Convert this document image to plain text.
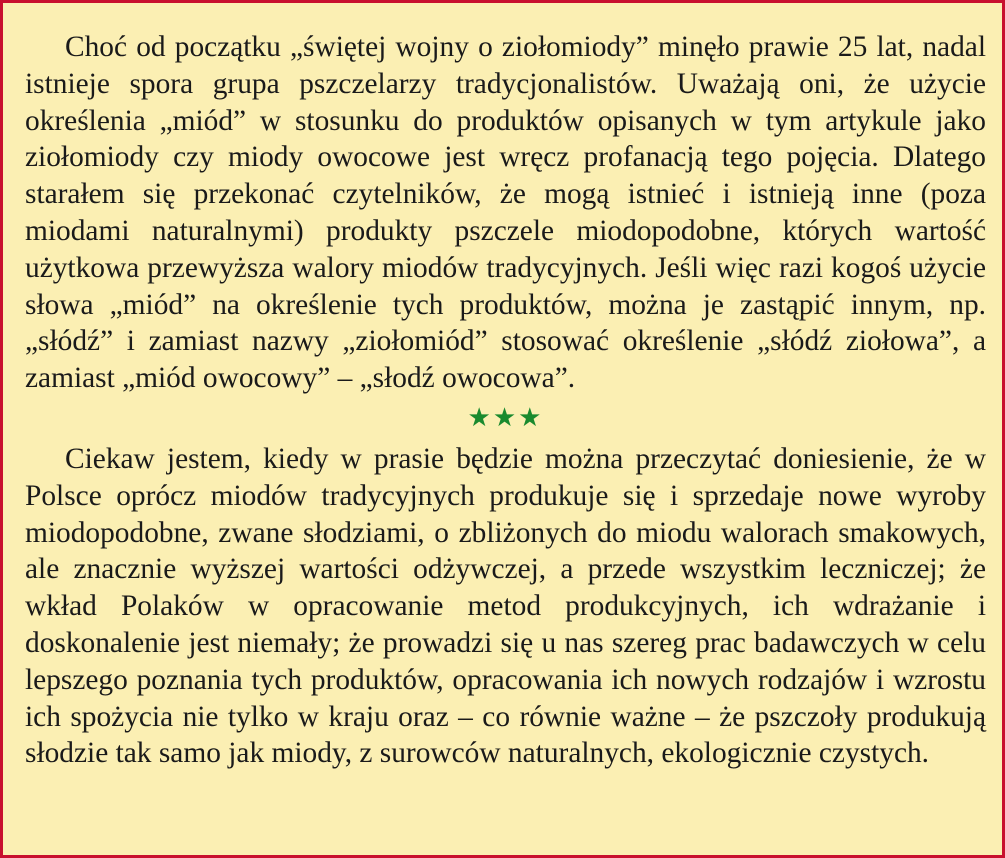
Choć od początku „świętej wojny o ziołomiody” minęło prawie 25 lat, nadal istnieje spora grupa pszczelarzy tradycjonalistów. Uważają oni, że użycie określenia „miód” w stosunku do produktów opisanych w tym artykule jako ziołomiody czy miody owocowe jest wręcz profanacją tego pojęcia. Dlatego starałem się przekonać czytelników, że mogą istnieć i istnieją inne (poza miodami naturalnymi) produkty pszczele miodopodobne, których wartość użytkowa przewyższa walory miodów tradycyjnych. Jeśli więc razi kogoś użycie słowa „miód” na określenie tych produktów, można je zastąpić innym, np. „słódź” i zamiast nazwy „ziołomiód” stosować określenie „słódź ziołowa”, a zamiast „miód owocowy” – „słodź owocowa”.

★★★

Ciekaw jestem, kiedy w prasie będzie można przeczytać doniesienie, że w Polsce oprócz miodów tradycyjnych produkuje się i sprzedaje nowe wyroby miodopodobne, zwane słodziami, o zbliżonych do miodu walorach smakowych, ale znacznie wyższej wartości odżywczej, a przede wszystkim leczniczej; że wkład Polaków w opracowanie metod produkcyjnych, ich wdrażanie i doskonalenie jest niemały; że prowadzi się u nas szereg prac badawczych w celu lepszego poznania tych produktów, opracowania ich nowych rodzajów i wzrostu ich spożycia nie tylko w kraju oraz – co równie ważne – że pszczoły produkują słodzie tak samo jak miody, z surowców naturalnych, ekologicznie czystych.
